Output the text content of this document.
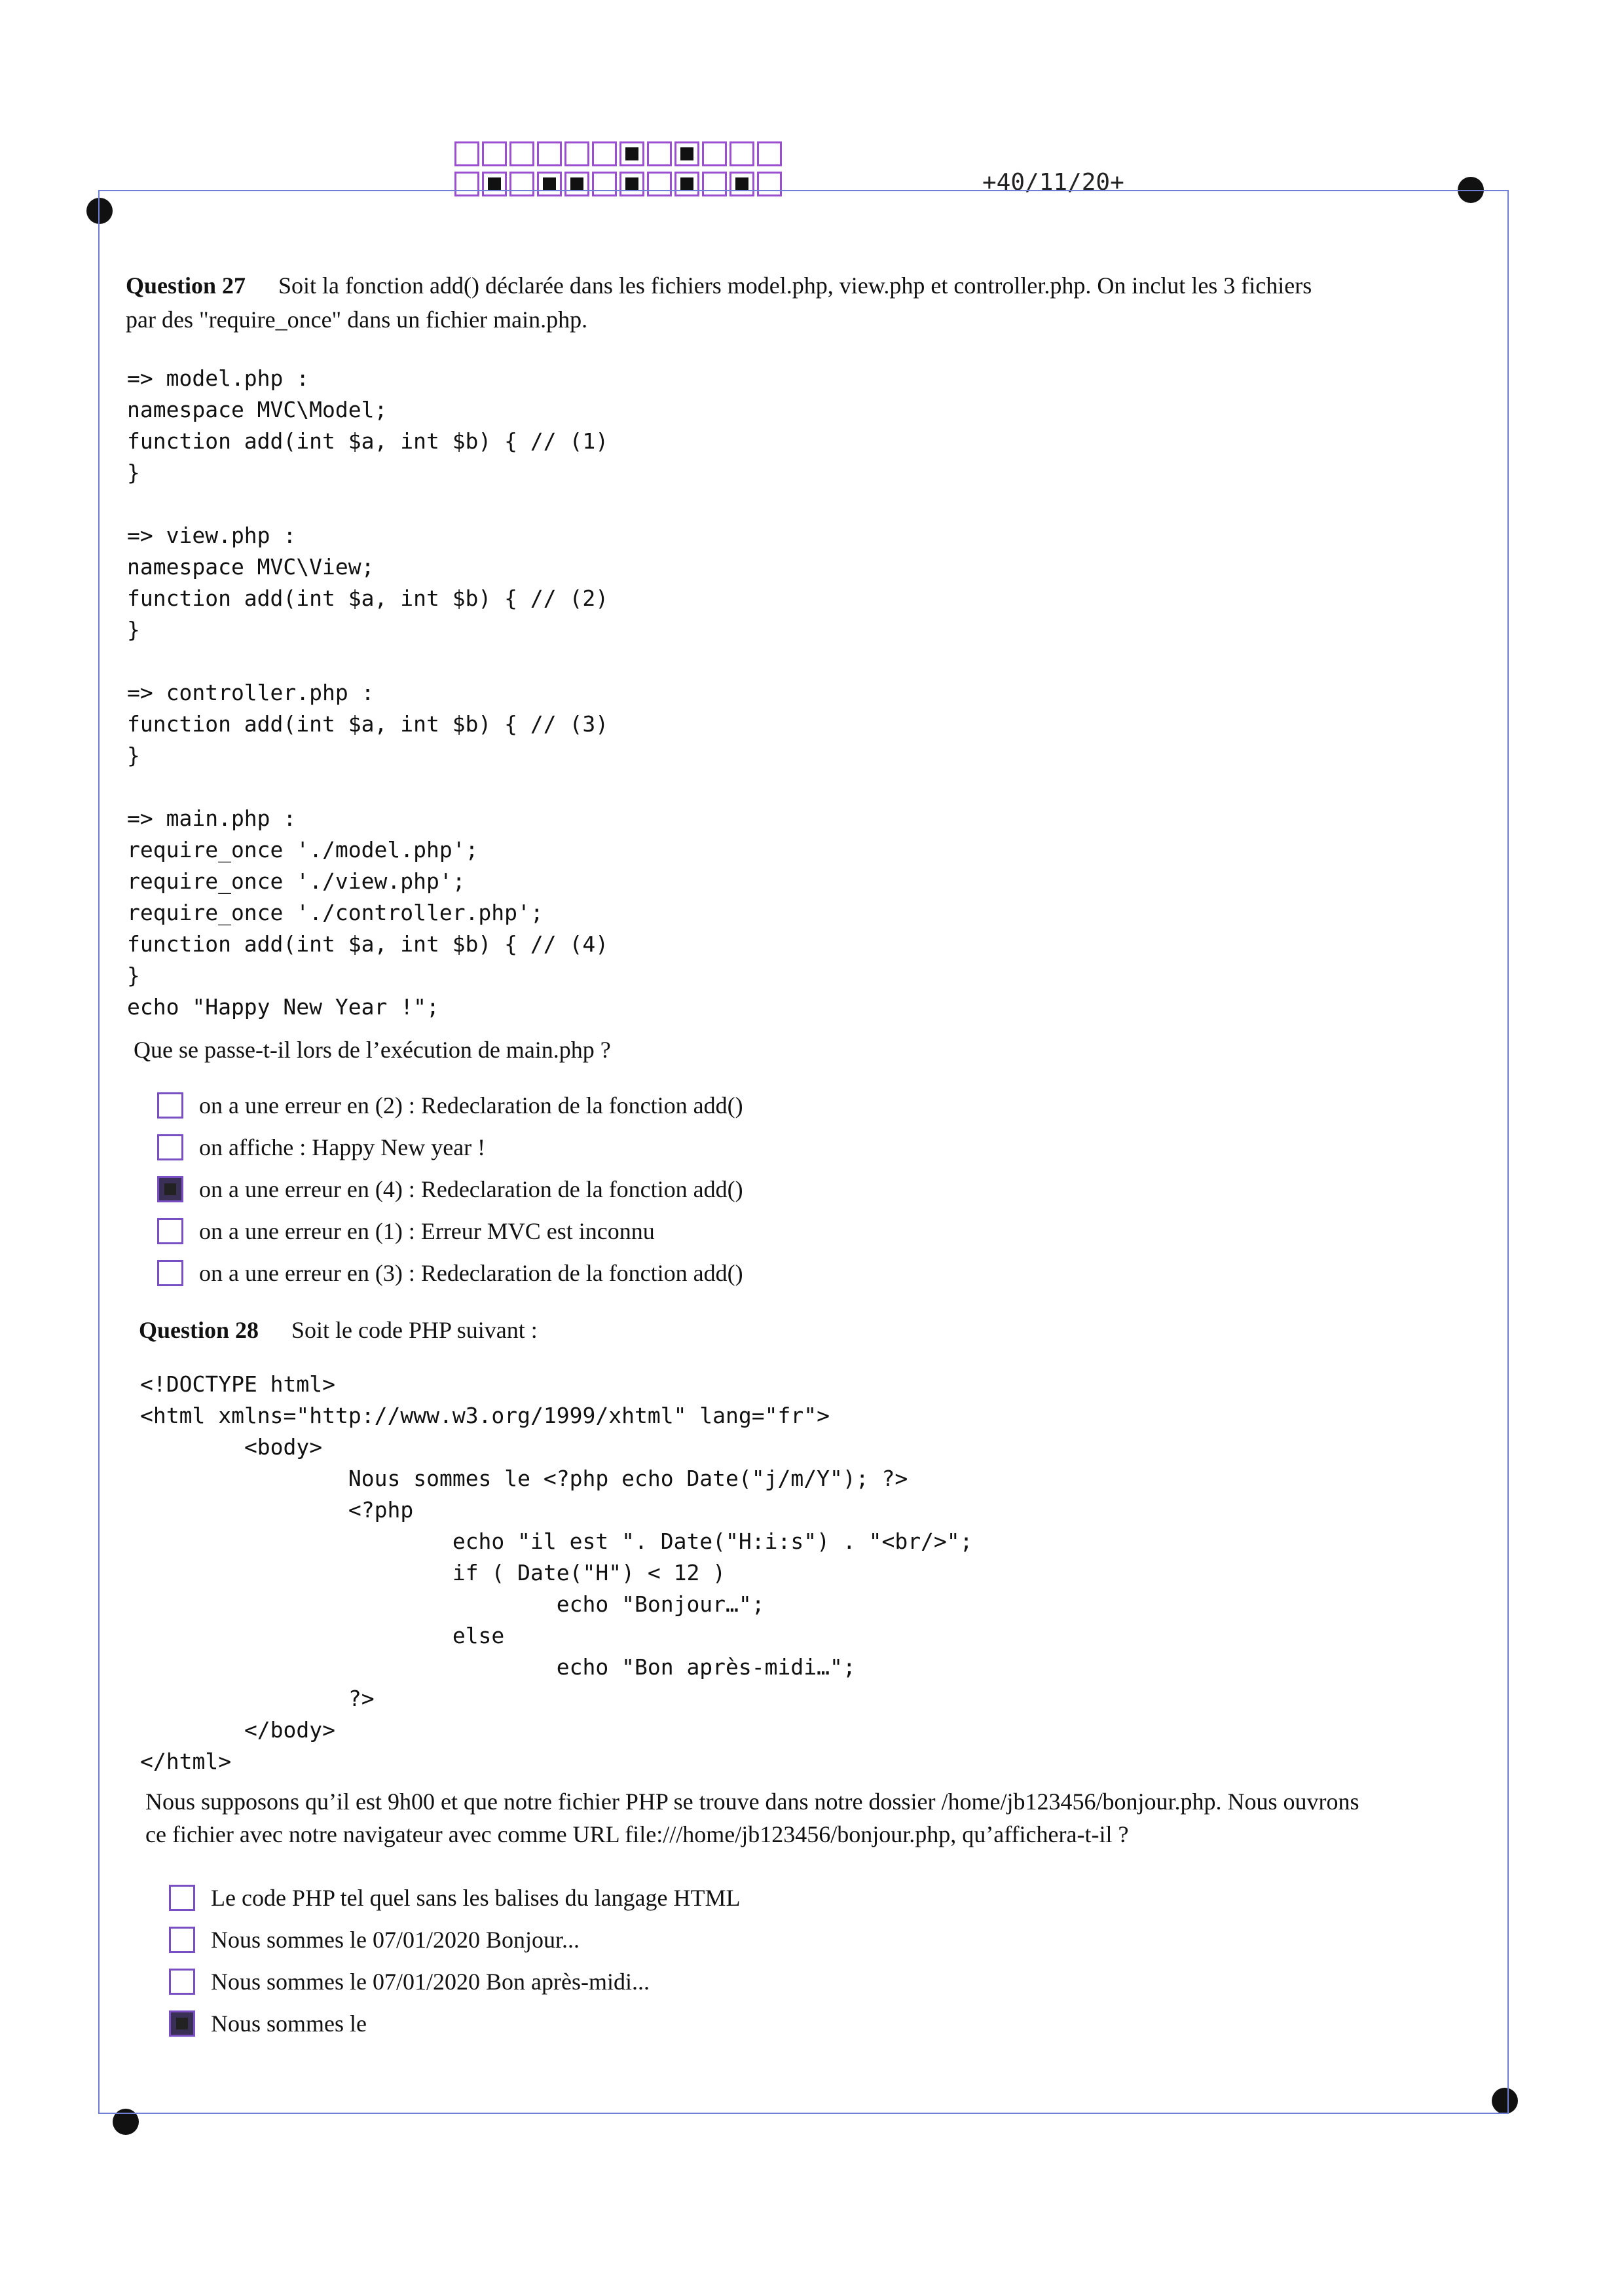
+40/11/20+
Question 27 Soit la fonction add() déclarée dans les fichiers model.php, view.php et controller.php. On inclut les 3 fichiers
par des "require_once" dans un fichier main.php.
=> model.php :
namespace MVC\Model;
function add(int $a, int $b) { // (1)
}

=> view.php :
namespace MVC\View;
function add(int $a, int $b) { // (2)
}

=> controller.php :
function add(int $a, int $b) { // (3)
}

=> main.php :
require_once './model.php';
require_once './view.php';
require_once './controller.php';
function add(int $a, int $b) { // (4)
}
echo "Happy New Year !";
Que se passe-t-il lors de l’exécution de main.php ?
on a une erreur en (2) : Redeclaration de la fonction add()
on affiche : Happy New year !
on a une erreur en (4) : Redeclaration de la fonction add()
on a une erreur en (1) : Erreur MVC est inconnu
on a une erreur en (3) : Redeclaration de la fonction add()
Question 28 Soit le code PHP suivant :
<!DOCTYPE html>
<html xmlns="http://www.w3.org/1999/xhtml" lang="fr">
<body>
Nous sommes le <?php echo Date("j/m/Y"); ?>
<?php
echo "il est ". Date("H:i:s") . "<br/>";
if ( Date("H") < 12 )
echo "Bonjour…";
else
echo "Bon après-midi…";
?>
</body>
</html>
Nous supposons qu’il est 9h00 et que notre fichier PHP se trouve dans notre dossier /home/jb123456/bonjour.php. Nous ouvrons
ce fichier avec notre navigateur avec comme URL file:///home/jb123456/bonjour.php, qu’affichera-t-il ?
Le code PHP tel quel sans les balises du langage HTML
Nous sommes le 07/01/2020 Bonjour...
Nous sommes le 07/01/2020 Bon après-midi...
Nous sommes le
